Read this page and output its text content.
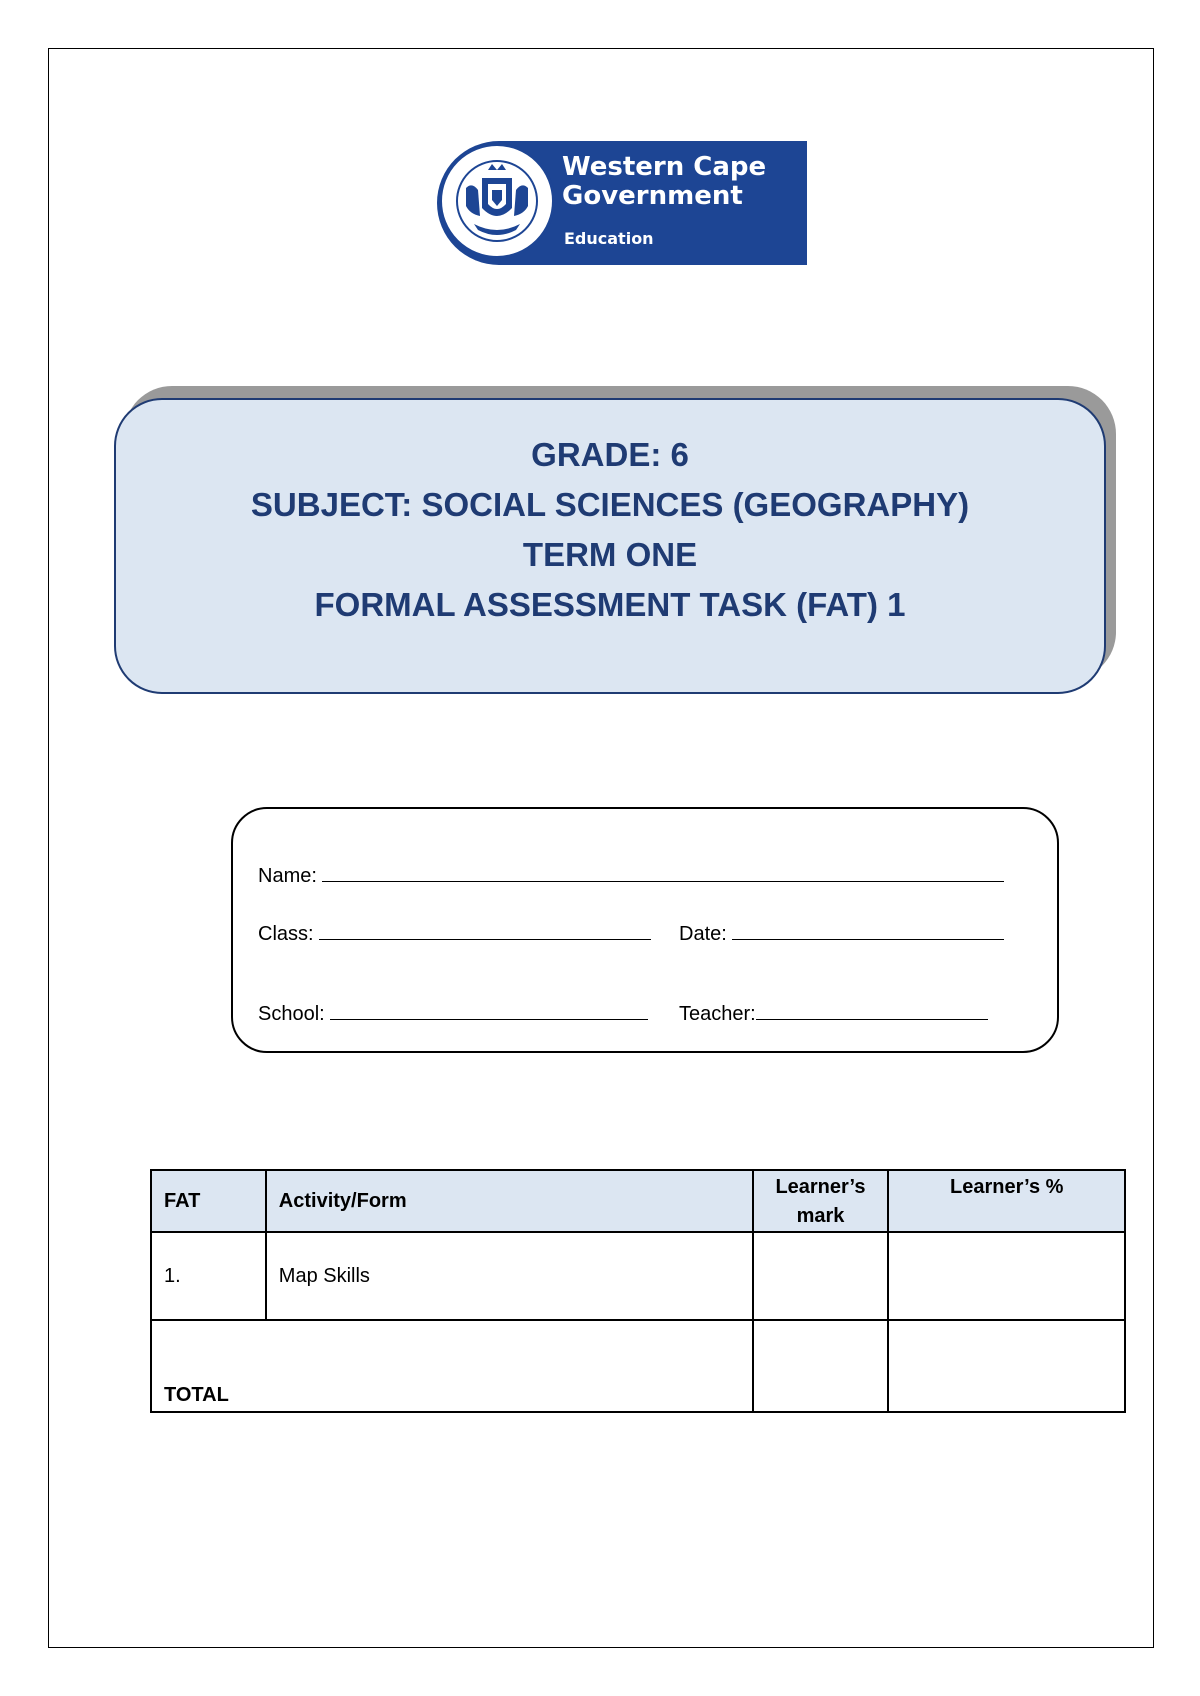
Western Cape
Government
Education
GRADE: 6
SUBJECT: SOCIAL SCIENCES (GEOGRAPHY)
TERM ONE
FORMAL ASSESSMENT TASK (FAT) 1
Name:
Class:	Date:
School:	Teacher:
FAT	Activity/Form	Learner’s mark	Learner’s %
1.	Map Skills		
TOTAL			
